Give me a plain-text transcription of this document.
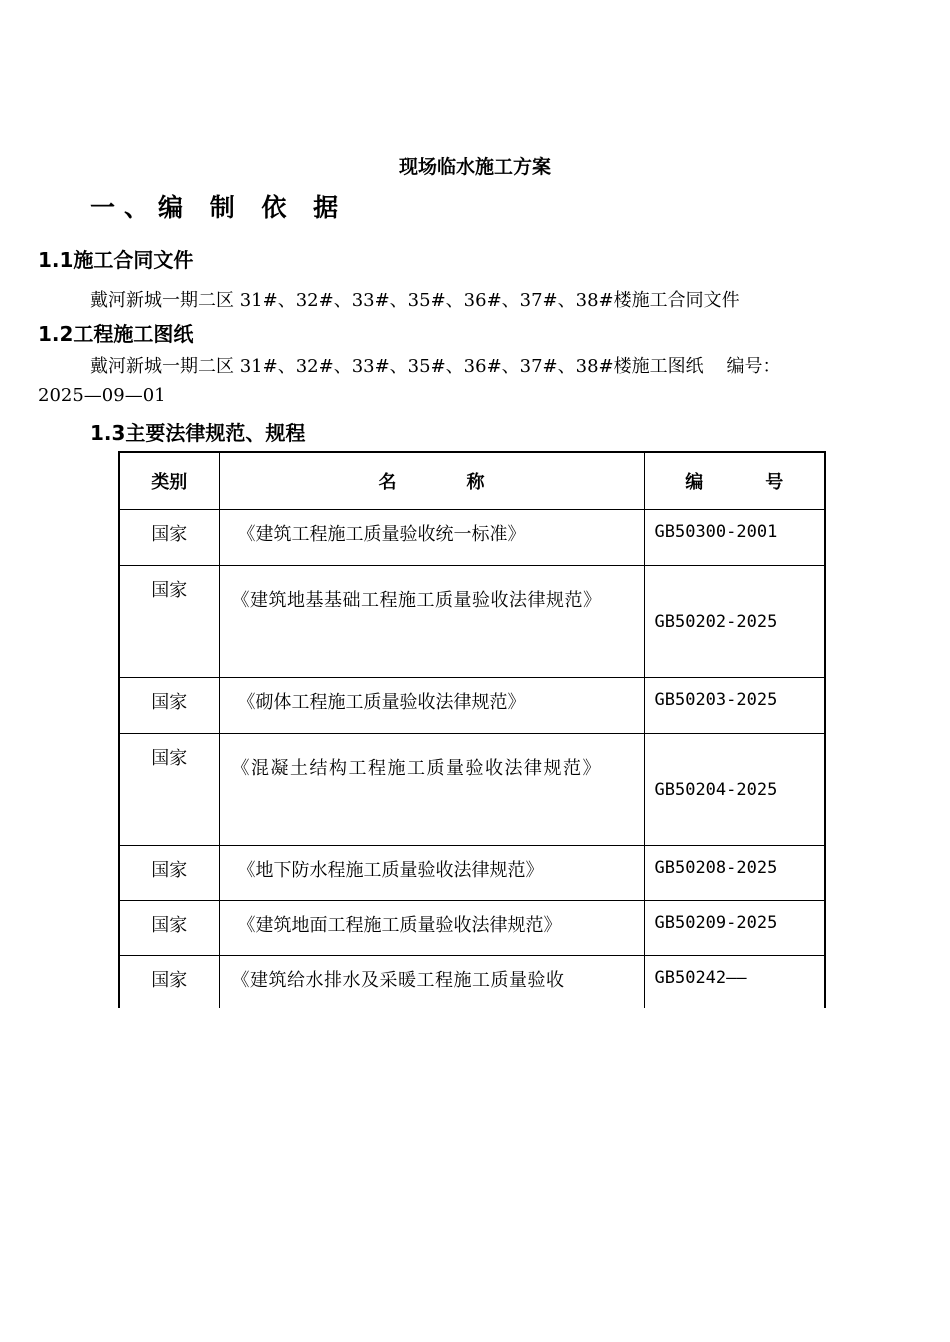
现场临水施工方案
一、编 制 依 据
1.1施工合同文件
戴河新城一期二区 31#、32#、33#、35#、36#、37#、38#楼施工合同文件
1.2工程施工图纸
戴河新城一期二区 31#、32#、33#、35#、36#、37#、38#楼施工图纸    编号：
2025—09—01
1.3主要法律规范、规程
类别	名 称	编 号
国家	《建筑工程施工质量验收统一标准》	GB50300-2001
国家	《建筑地基基础工程施工质量验收法律规范》	GB50202-2025
国家	《砌体工程施工质量验收法律规范》	GB50203-2025
国家	《混凝土结构工程施工质量验收法律规范》	GB50204-2025
国家	《地下防水程施工质量验收法律规范》	GB50208-2025
国家	《建筑地面工程施工质量验收法律规范》	GB50209-2025
国家	《建筑给水排水及采暖工程施工质量验收	GB50242——
